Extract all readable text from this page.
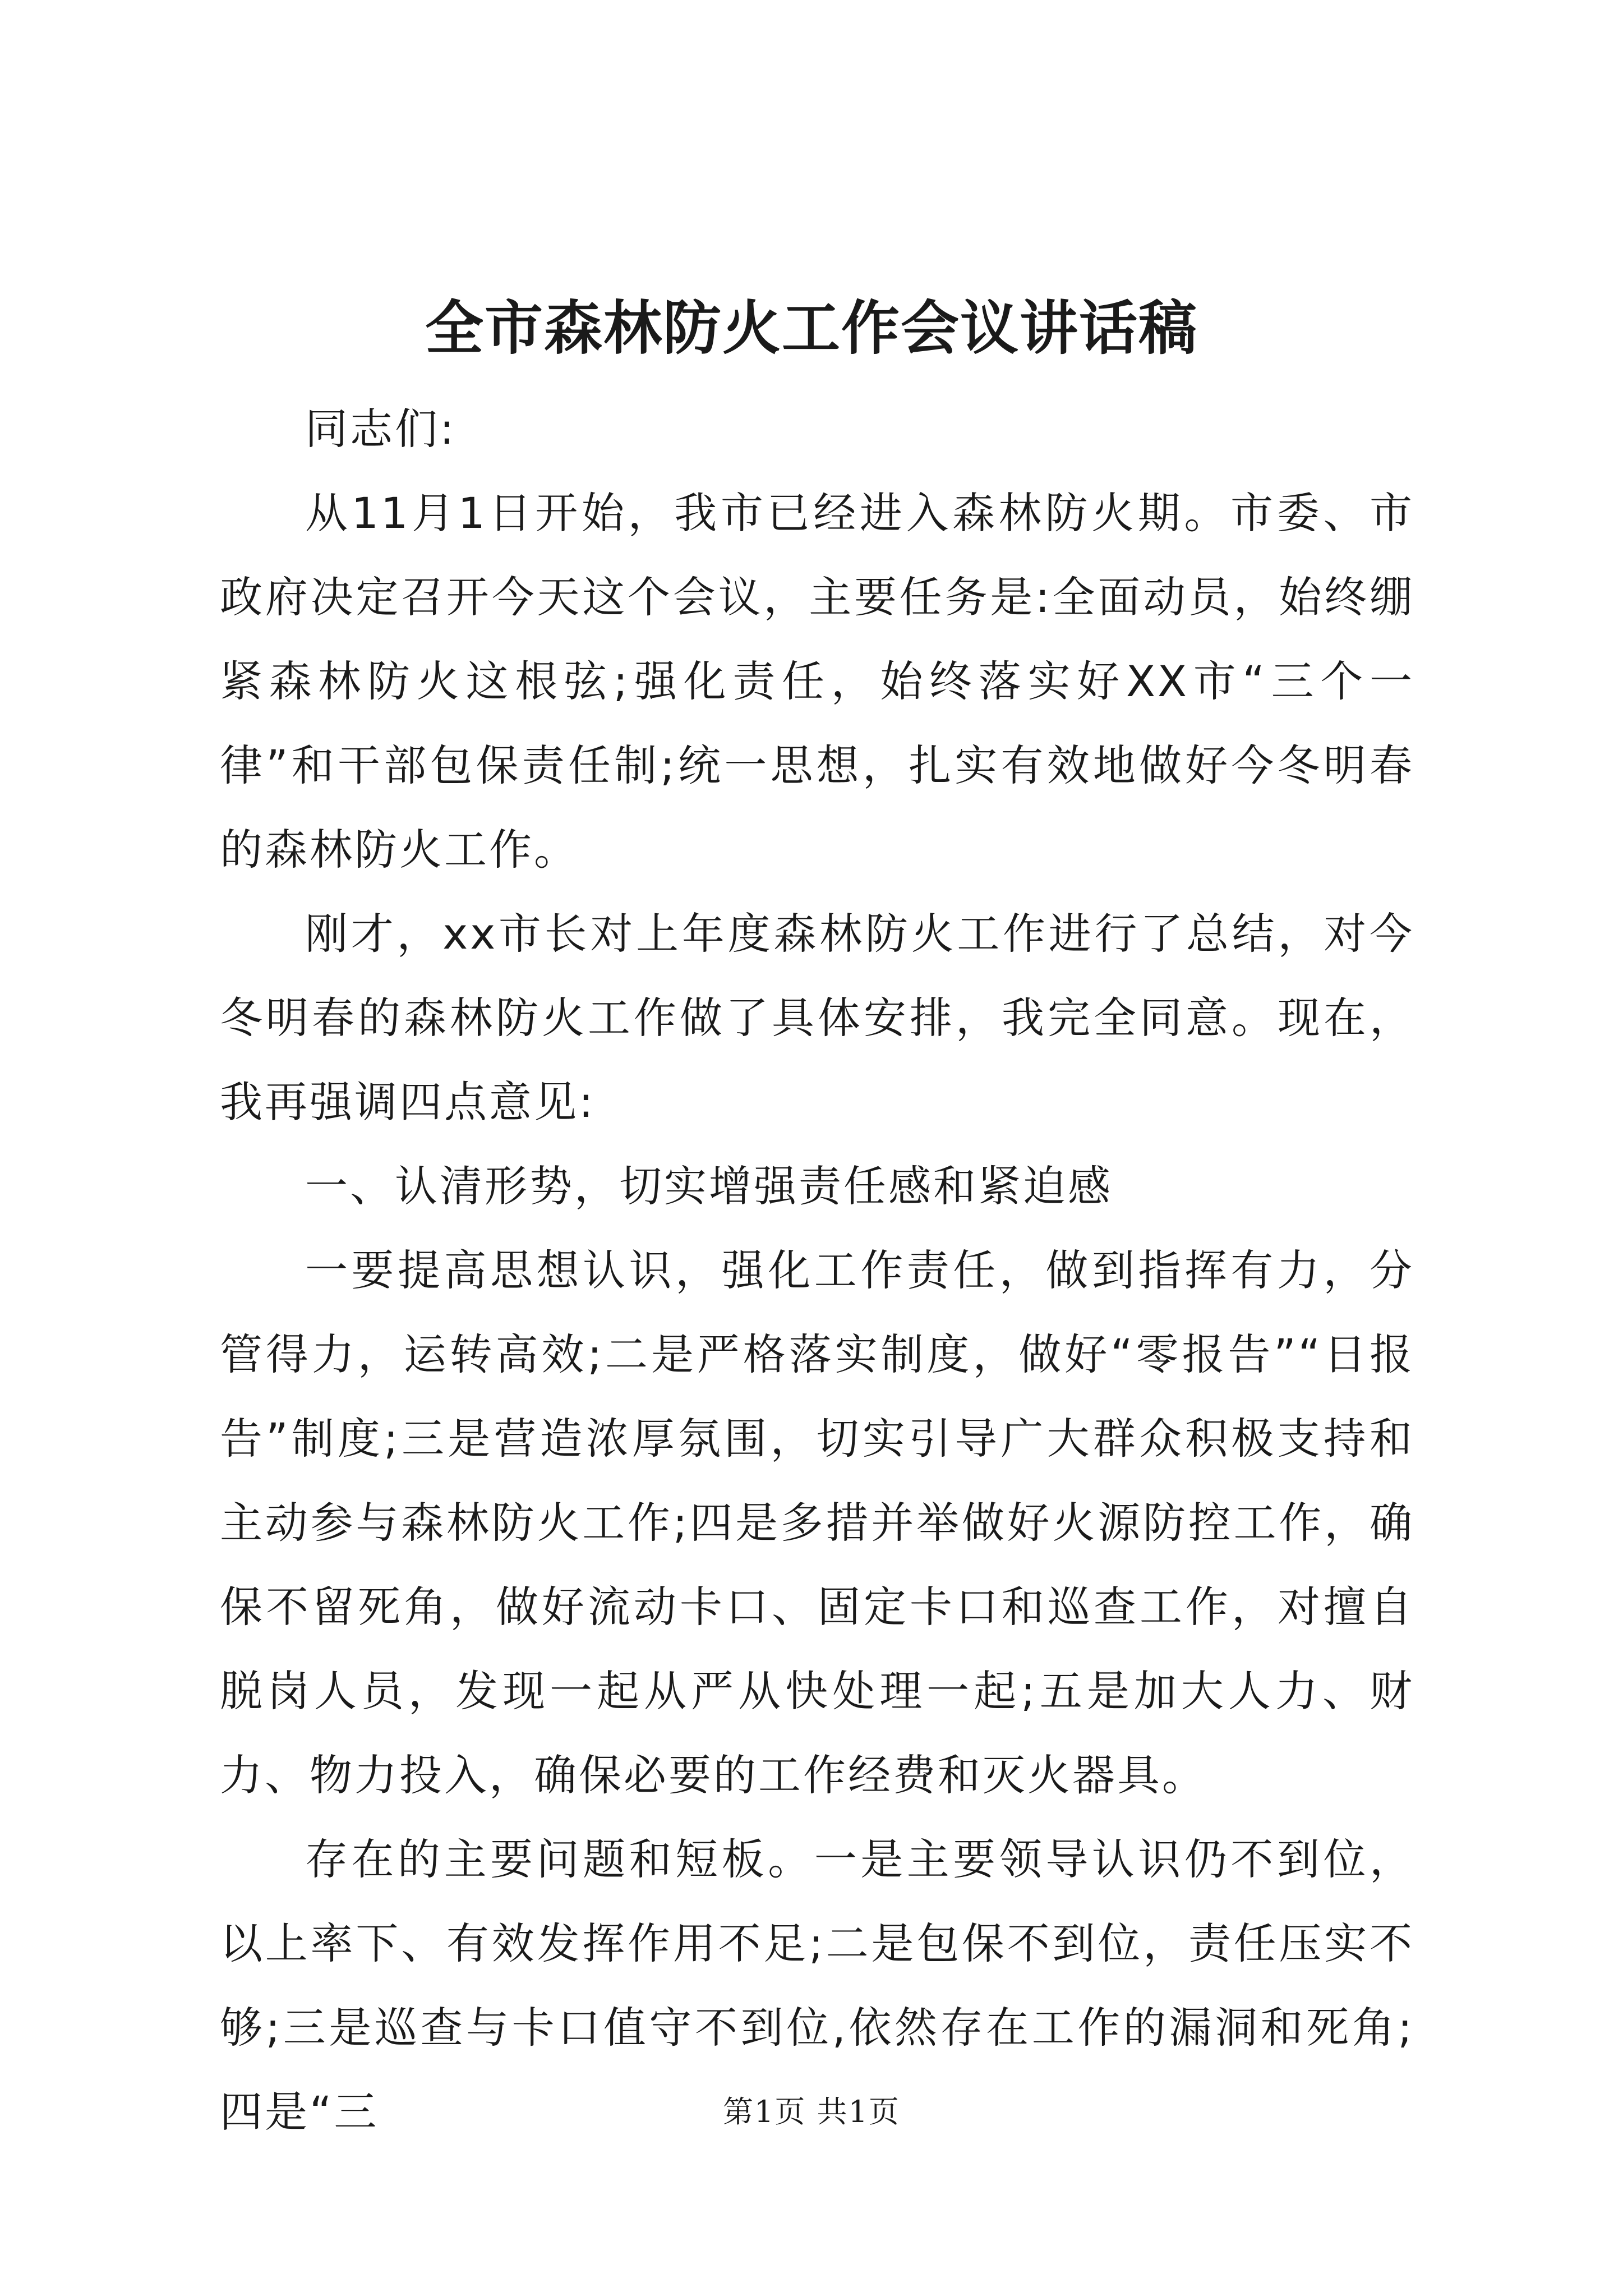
全市森林防火工作会议讲话稿

同志们:

从11月1日开始，我市已经进入森林防火期。市委、市政府决定召开今天这个会议，主要任务是:全面动员，始终绷紧森林防火这根弦;强化责任，始终落实好XX市“三个一律”和干部包保责任制;统一思想，扎实有效地做好今冬明春的森林防火工作。

刚才，xx市长对上年度森林防火工作进行了总结，对今冬明春的森林防火工作做了具体安排，我完全同意。现在，我再强调四点意见:

一、认清形势，切实增强责任感和紧迫感

一要提高思想认识，强化工作责任，做到指挥有力，分管得力，运转高效;二是严格落实制度，做好“零报告”“日报告”制度;三是营造浓厚氛围，切实引导广大群众积极支持和主动参与森林防火工作;四是多措并举做好火源防控工作，确保不留死角，做好流动卡口、固定卡口和巡查工作，对擅自脱岗人员，发现一起从严从快处理一起;五是加大人力、财力、物力投入，确保必要的工作经费和灭火器具。

存在的主要问题和短板。一是主要领导认识仍不到位，以上率下、有效发挥作用不足;二是包保不到位，责任压实不够;三是巡查与卡口值守不到位,依然存在工作的漏洞和死角;四是“三	第1页 共1页
